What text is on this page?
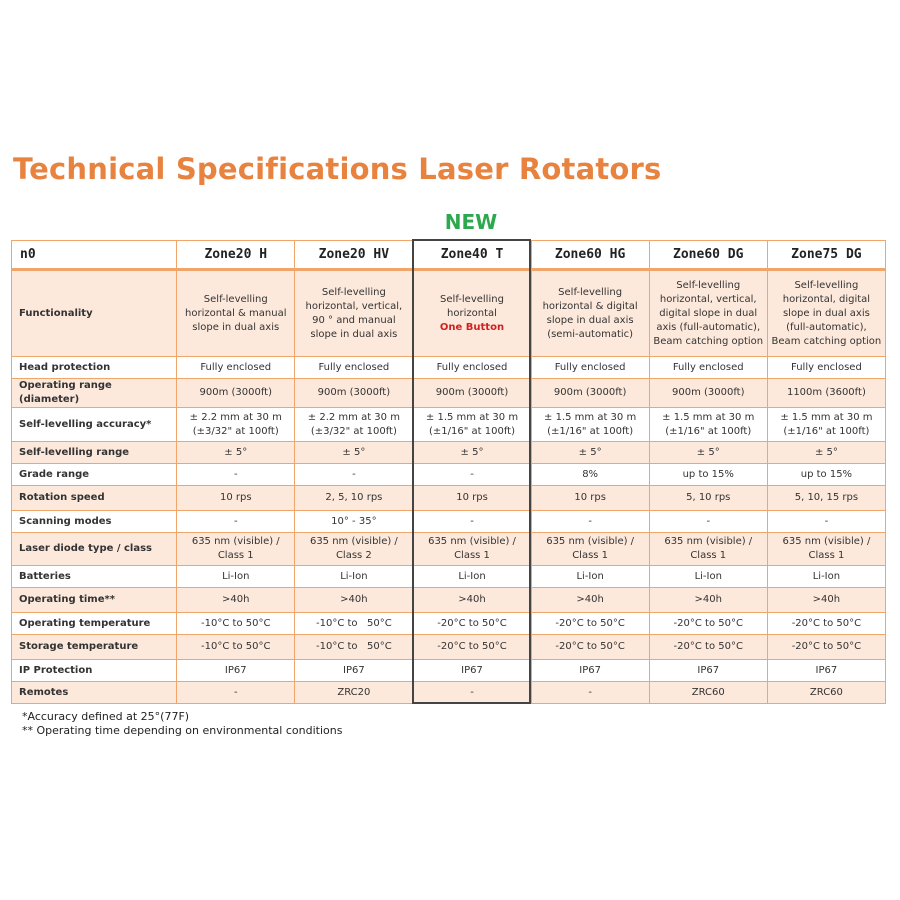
Technical Specifications Laser Rotators
NEW
n0	Zone20 H	Zone20 HV	Zone40 T	Zone60 HG	Zone60 DG	Zone75 DG
Functionality	Self-levelling
horizontal & manual
slope in dual axis	Self-levelling
horizontal, vertical,
90 ° and manual
slope in dual axis	Self-levelling
horizontal
One Button	Self-levelling
horizontal & digital
slope in dual axis
(semi-automatic)	Self-levelling
horizontal, vertical,
digital slope in dual
axis (full-automatic),
Beam catching option	Self-levelling
horizontal, digital
slope in dual axis
(full-automatic),
Beam catching option

Head protection	Fully enclosed	Fully enclosed	Fully enclosed	Fully enclosed	Fully enclosed	Fully enclosed

Operating range (diameter)	900m (3000ft)	900m (3000ft)	900m (3000ft)	900m (3000ft)	900m (3000ft)	1100m (3600ft)

Self-levelling accuracy*	± 2.2 mm at 30 m
(±3/32" at 100ft)	± 2.2 mm at 30 m
(±3/32" at 100ft)	± 1.5 mm at 30 m
(±1/16" at 100ft)	± 1.5 mm at 30 m
(±1/16" at 100ft)	± 1.5 mm at 30 m
(±1/16" at 100ft)	± 1.5 mm at 30 m
(±1/16" at 100ft)

Self-levelling range	± 5°	± 5°	± 5°	± 5°	± 5°	± 5°

Grade range	-	-	-	8%	up to 15%	up to 15%

Rotation speed	10 rps	2, 5, 10 rps	10 rps	10 rps	5, 10 rps	5, 10, 15 rps

Scanning modes	-	10° - 35°	-	-	-	-

Laser diode type / class	635 nm (visible) /
Class 1	635 nm (visible) /
Class 2	635 nm (visible) /
Class 1	635 nm (visible) /
Class 1	635 nm (visible) /
Class 1	635 nm (visible) /
Class 1

Batteries	Li-Ion	Li-Ion	Li-Ion	Li-Ion	Li-Ion	Li-Ion

Operating time**	>40h	>40h	>40h	>40h	>40h	>40h

Operating temperature	-10°C to 50°C	-10°C to   50°C	-20°C to 50°C	-20°C to 50°C	-20°C to 50°C	-20°C to 50°C

Storage temperature	-10°C to 50°C	-10°C to   50°C	-20°C to 50°C	-20°C to 50°C	-20°C to 50°C	-20°C to 50°C

IP Protection	IP67	IP67	IP67	IP67	IP67	IP67

Remotes	-	ZRC20	-	-	ZRC60	ZRC60
*Accuracy defined at 25°(77F)
** Operating time depending on environmental conditions
